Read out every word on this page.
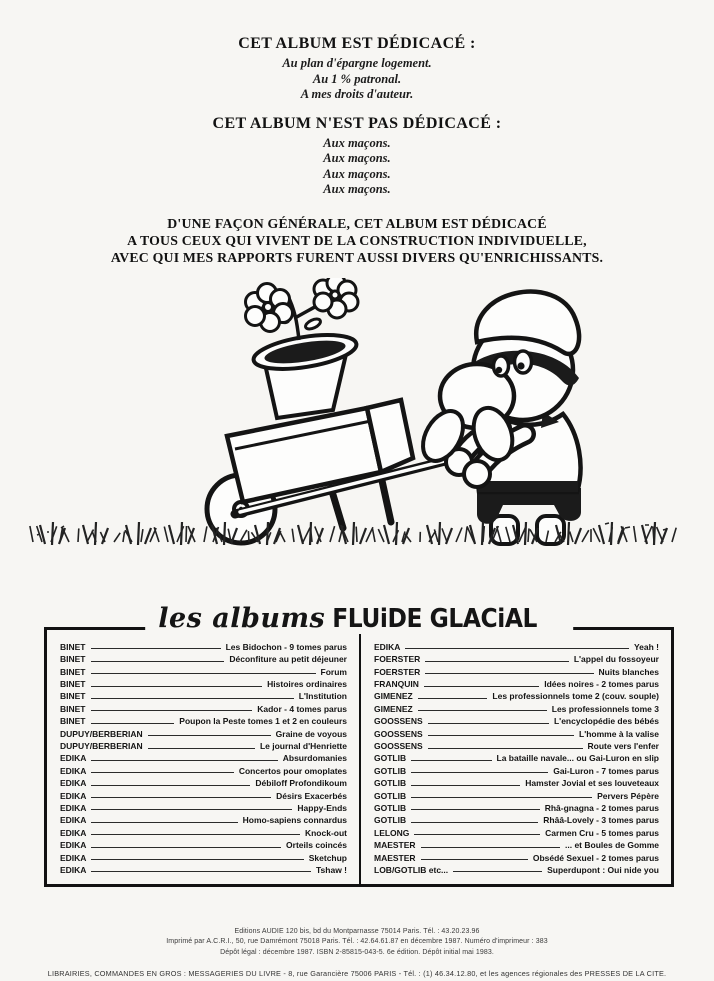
CET ALBUM EST DÉDICACÉ :
Au plan d'épargne logement.
Au 1 % patronal.
A mes droits d'auteur.
CET ALBUM N'EST PAS DÉDICACÉ :
Aux maçons.
Aux maçons.
Aux maçons.
Aux maçons.
D'UNE FAÇON GÉNÉRALE, CET ALBUM EST DÉDICACÉ
A TOUS CEUX QUI VIVENT DE LA CONSTRUCTION INDIVIDUELLE,
AVEC QUI MES RAPPORTS FURENT AUSSI DIVERS QU'ENRICHISSANTS.
les albums FLUiDE GLACiAL
BINET	Les Bidochon - 9 tomes parus
BINET	Déconfiture au petit déjeuner
BINET	Forum
BINET	Histoires ordinaires
BINET	L'Institution
BINET	Kador - 4 tomes parus
BINET	Poupon la Peste tomes 1 et 2 en couleurs
DUPUY/BERBERIAN	Graine de voyous
DUPUY/BERBERIAN	Le journal d'Henriette
EDIKA	Absurdomanies
EDIKA	Concertos pour omoplates
EDIKA	Débiloff Profondikoum
EDIKA	Désirs Exacerbés
EDIKA	Happy-Ends
EDIKA	Homo-sapiens connardus
EDIKA	Knock-out
EDIKA	Orteils coincés
EDIKA	Sketchup
EDIKA	Tshaw !
EDIKA	Yeah !
FOERSTER	L'appel du fossoyeur
FOERSTER	Nuits blanches
FRANQUIN	Idées noires - 2 tomes parus
GIMENEZ	Les professionnels tome 2 (couv. souple)
GIMENEZ	Les professionnels tome 3
GOOSSENS	L'encyclopédie des bébés
GOOSSENS	L'homme à la valise
GOOSSENS	Route vers l'enfer
GOTLIB	La bataille navale... ou Gai-Luron en slip
GOTLIB	Gai-Luron - 7 tomes parus
GOTLIB	Hamster Jovial et ses louveteaux
GOTLIB	Pervers Pépère
GOTLIB	Rhâ-gnagna - 2 tomes parus
GOTLIB	Rhââ-Lovely - 3 tomes parus
LELONG	Carmen Cru - 5 tomes parus
MAESTER	... et Boules de Gomme
MAESTER	Obsédé Sexuel - 2 tomes parus
LOB/GOTLIB etc...	Superdupont : Oui nide you
Editions AUDIE 120 bis, bd du Montparnasse 75014 Paris. Tél. : 43.20.23.96
Imprimé par A.C.R.I., 50, rue Damrémont 75018 Paris. Tél. : 42.64.61.87 en décembre 1987. Numéro d'imprimeur : 383
Dépôt légal : décembre 1987. ISBN 2-85815-043-5. 6e édition. Dépôt initial mai 1983.
LIBRAIRIES, COMMANDES EN GROS : MESSAGERIES DU LIVRE - 8, rue Garancière 75006 PARIS - Tél. : (1) 46.34.12.80, et les agences régionales des PRESSES DE LA CITE.
